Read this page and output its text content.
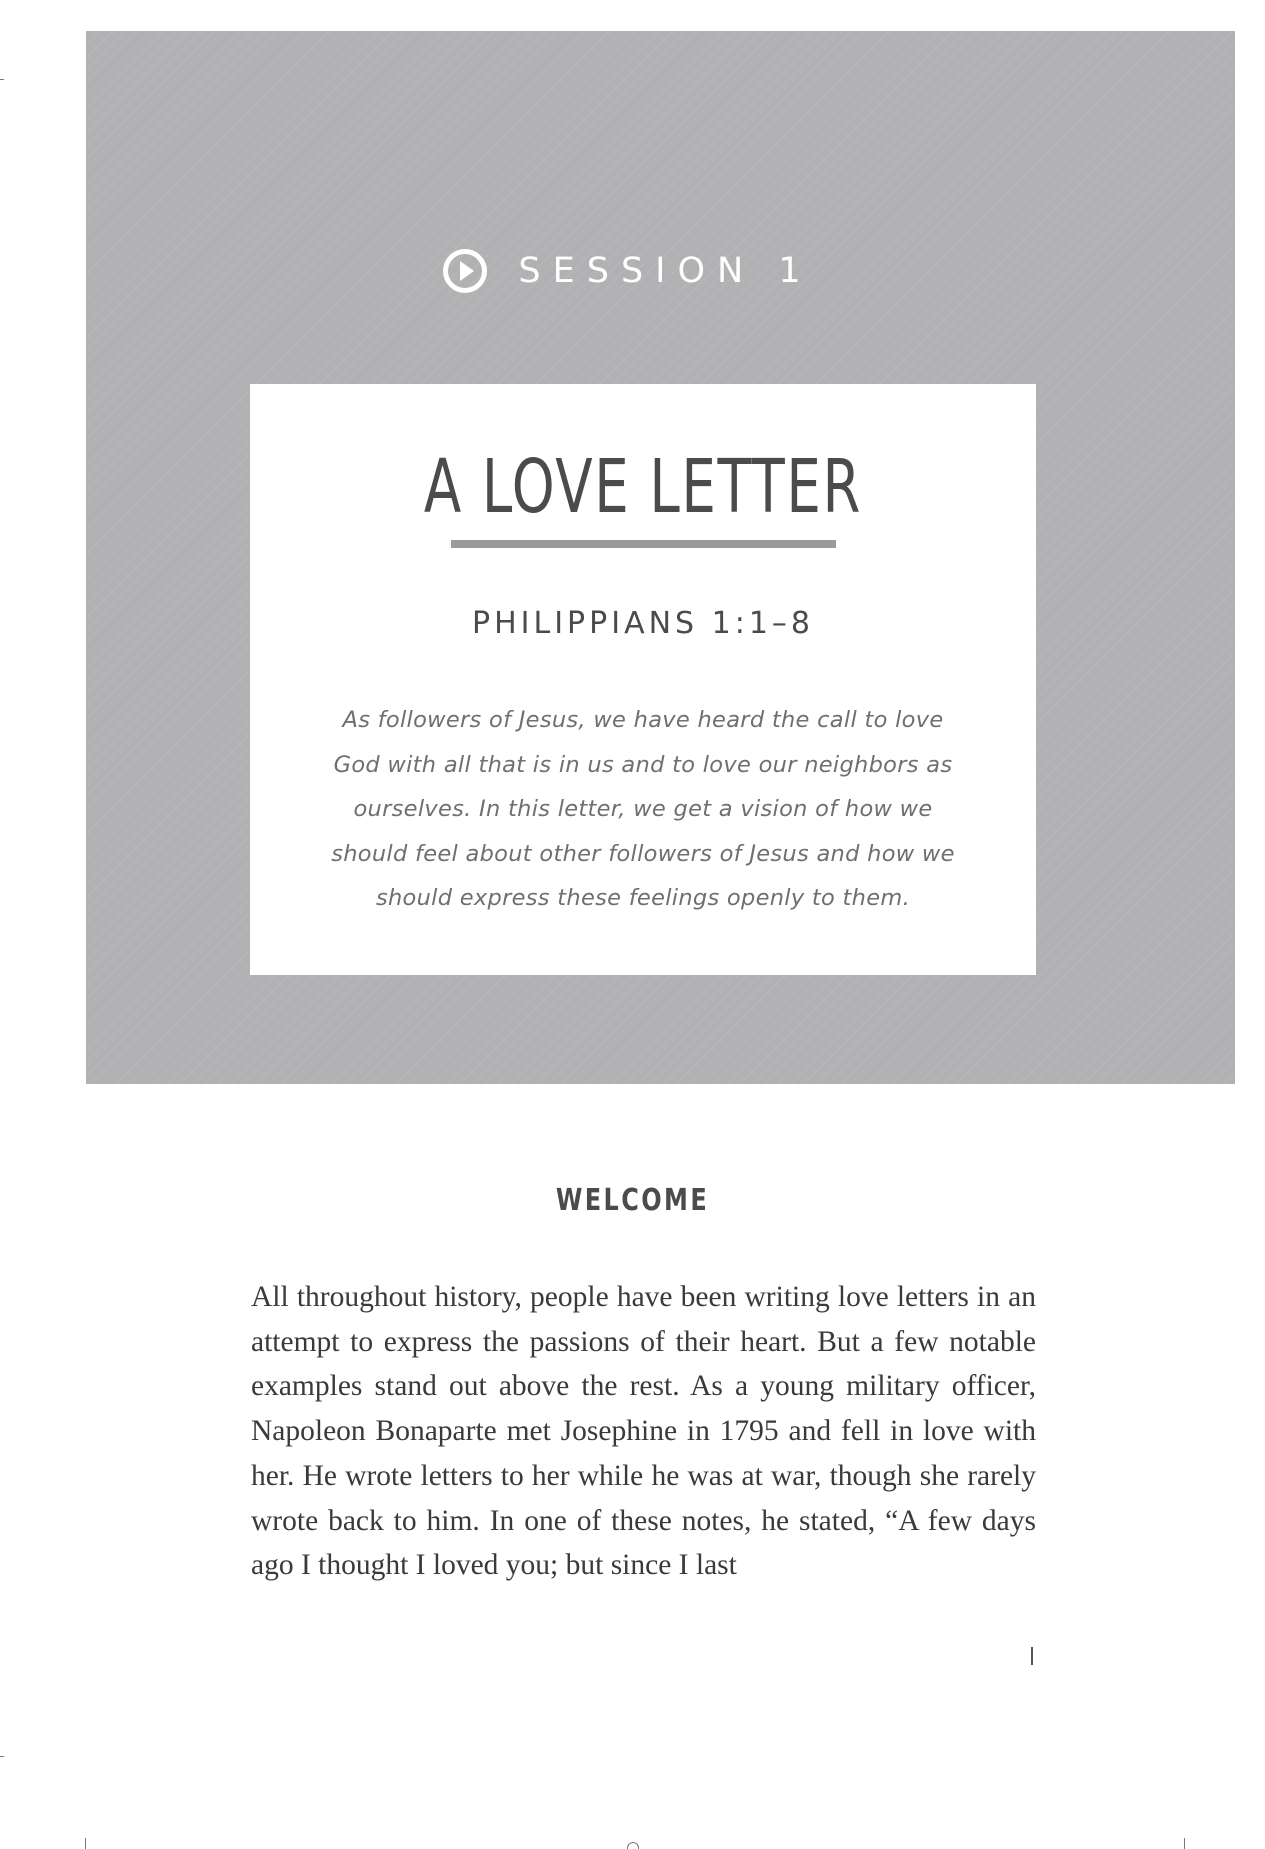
SESSION 1
A LOVE LETTER
PHILIPPIANS 1:1–8
As followers of Jesus, we have heard the call to love God with all that is in us and to love our neighbors as ourselves. In this letter, we get a vision of how we should feel about other followers of Jesus and how we should express these feelings openly to them.
WELCOME

All throughout history, people have been writing love letters in an attempt to express the passions of their heart. But a few notable examples stand out above the rest. As a young military officer, Napoleon Bonaparte met Josephine in 1795 and fell in love with her. He wrote letters to her while he was at war, though she rarely wrote back to him. In one of these notes, he stated, “A few days ago I thought I loved you; but since I last
